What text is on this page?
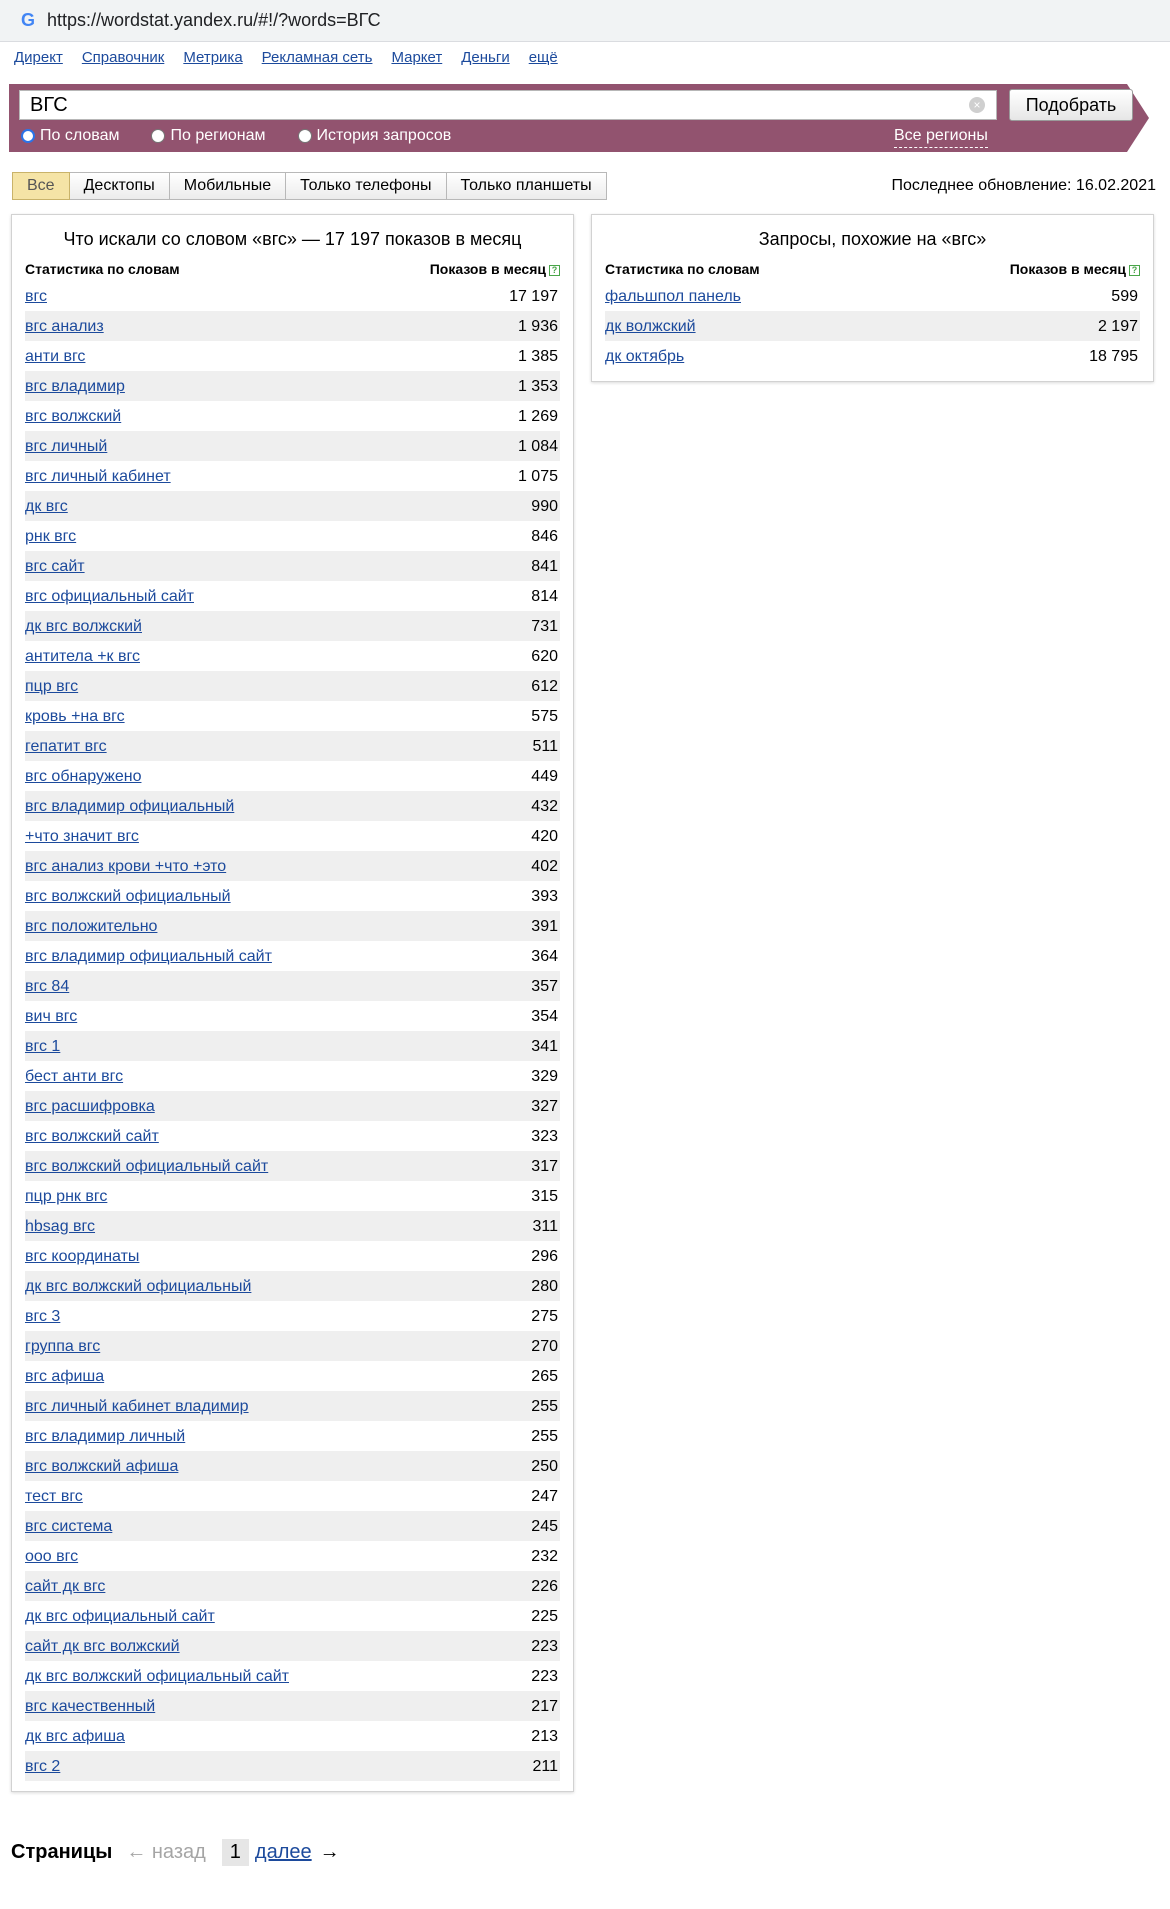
G https://wordstat.yandex.ru/#!/?words=ВГС
Директ Справочник Метрика Рекламная сеть Маркет Деньги ещё
ВГС	×	Подобрать
По словам	По регионам	История запросов	Все регионы
Все	Десктопы	Мобильные	Только телефоны	Только планшеты	Последнее обновление: 16.02.2021
Что искали со словом «вгс» — 17 197 показов в месяц
Статистика по словам	Показов в месяц ?
вгс	17 197
вгс анализ	1 936
анти вгс	1 385
вгс владимир	1 353
вгс волжский	1 269
вгс личный	1 084
вгс личный кабинет	1 075
дк вгс	990
рнк вгс	846
вгс сайт	841
вгс официальный сайт	814
дк вгс волжский	731
антитела +к вгс	620
пцр вгс	612
кровь +на вгс	575
гепатит вгс	511
вгс обнаружено	449
вгс владимир официальный	432
+что значит вгс	420
вгс анализ крови +что +это	402
вгс волжский официальный	393
вгс положительно	391
вгс владимир официальный сайт	364
вгс 84	357
вич вгс	354
вгс 1	341
бест анти вгс	329
вгс расшифровка	327
вгс волжский сайт	323
вгс волжский официальный сайт	317
пцр рнк вгс	315
hbsag вгс	311
вгс координаты	296
дк вгс волжский официальный	280
вгс 3	275
группа вгс	270
вгс афиша	265
вгс личный кабинет владимир	255
вгс владимир личный	255
вгс волжский афиша	250
тест вгс	247
вгс система	245
ооо вгс	232
сайт дк вгс	226
дк вгс официальный сайт	225
сайт дк вгс волжский	223
дк вгс волжский официальный сайт	223
вгс качественный	217
дк вгс афиша	213
вгс 2	211
Запросы, похожие на «вгс»
Статистика по словам	Показов в месяц ?
фальшпол панель	599
дк волжский	2 197
дк октябрь	18 795
Страницы ← назад	1 далее →
